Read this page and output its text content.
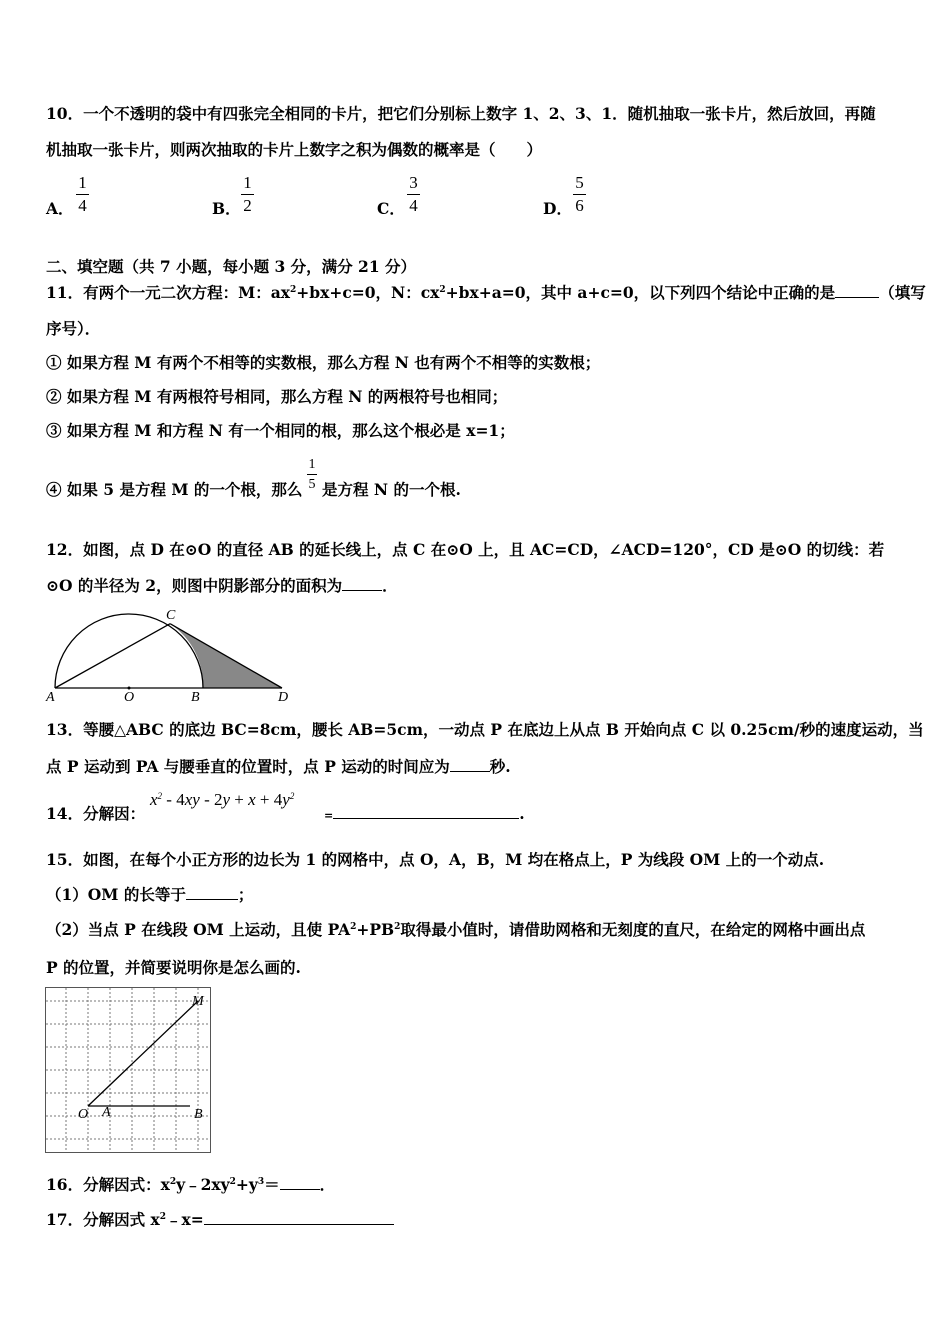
10．一个不透明的袋中有四张完全相同的卡片，把它们分别标上数字 1、2、3、1．随机抽取一张卡片，然后放回，再随
机抽取一张卡片，则两次抽取的卡片上数字之积为偶数的概率是（　　）
A．
1
4	B．
1
2	C．
3
4	D．
5
6
二、填空题（共 7 小题，每小题 3 分，满分 21 分）
11．有两个一元二次方程：M：$ax^2+bx+c=0$，N：$cx^2+bx+a=0$，其中 a+c=0，以下列四个结论中正确的是	（填写
序号）．
① 如果方程 M 有两个不相等的实数根，那么方程 N 也有两个不相等的实数根；
② 如果方程 M 有两根符号相同，那么方程 N 的两根符号也相同；
③ 如果方程 M 和方程 N 有一个相同的根，那么这个根必是 x=1；
④ 如果 5 是方程 M 的一个根，那么
1
5 是方程 N 的一个根.
12．如图，点 D 在⊙O 的直径 AB 的延长线上，点 C 在⊙O 上，且 AC=CD，∠ACD=120°，CD 是⊙O 的切线：若
⊙O 的半径为 2，则图中阴影部分的面积为	．
A	O	B
C
D
13．等腰△ABC 的底边 BC=8cm，腰长 AB=5cm，一动点 P 在底边上从点 B 开始向点 C 以 0.25cm/秒的速度运动，当
点 P 运动到 PA 与腰垂直的位置时，点 P 运动的时间应为	秒.
14．分解因：
$x^2 - 4xy - 2y + x + 4y^2$
=	.
15．如图，在每个小正方形的边长为 1 的网格中，点 O，A，B，M 均在格点上，P 为线段 OM 上的一个动点.
（1）OM 的长等于	；
（2）当点 P 在线段 OM 上运动，且使 $PA^2+PB^2$取得最小值时，请借助网格和无刻度的直尺，在给定的网格中画出点
P 的位置，并简要说明你是怎么画的.
O A	B
M
16．分解因式：$x^2y﹣2xy^2+y^3=$	．
17．分解因式 $x^2﹣x=$
